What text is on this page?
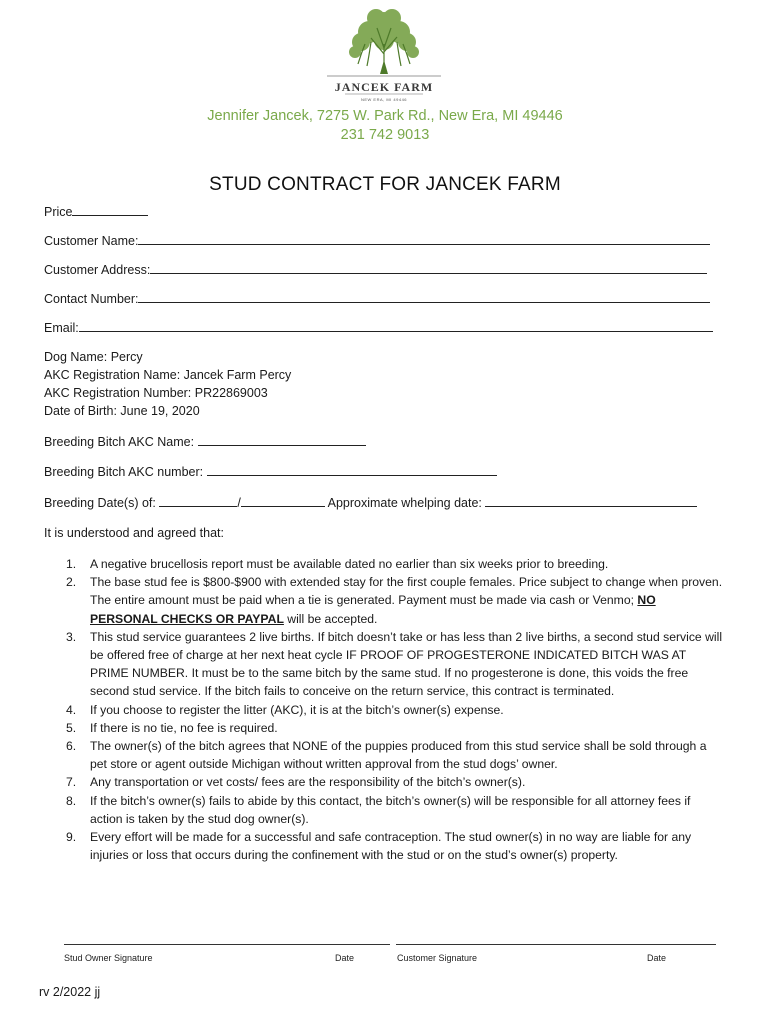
JANCEK FARM
NEW ERA, MI 49446
Jennifer Jancek, 7275 W. Park Rd., New Era, MI 49446
231 742 9013
STUD CONTRACT FOR JANCEK FARM
Price
Customer Name:
Customer Address:
Contact Number:
Email:
Dog Name: Percy
AKC Registration Name: Jancek Farm Percy
AKC Registration Number: PR22869003
Date of Birth: June 19, 2020
Breeding Bitch AKC Name:
Breeding Bitch AKC number:
Breeding Date(s) of:	/	Approximate whelping date:
It is understood and agreed that:
1. A negative brucellosis report must be available dated no earlier than six weeks prior to breeding.
2. The base stud fee is $800-$900 with extended stay for the first couple females. Price subject to change when proven. The entire amount must be paid when a tie is generated. Payment must be made via cash or Venmo; NO PERSONAL CHECKS OR PAYPAL will be accepted.
3. This stud service guarantees 2 live births. If bitch doesn’t take or has less than 2 live births, a second stud service will be offered free of charge at her next heat cycle IF PROOF OF PROGESTERONE INDICATED BITCH WAS AT PRIME NUMBER. It must be to the same bitch by the same stud. If no progesterone is done, this voids the free second stud service. If the bitch fails to conceive on the return service, this contract is terminated.
4. If you choose to register the litter (AKC), it is at the bitch’s owner(s) expense.
5. If there is no tie, no fee is required.
6. The owner(s) of the bitch agrees that NONE of the puppies produced from this stud service shall be sold through a pet store or agent outside Michigan without written approval from the stud dogs’ owner.
7. Any transportation or vet costs/ fees are the responsibility of the bitch’s owner(s).
8. If the bitch’s owner(s) fails to abide by this contact, the bitch’s owner(s) will be responsible for all attorney fees if action is taken by the stud dog owner(s).
9. Every effort will be made for a successful and safe contraception. The stud owner(s) in no way are liable for any injuries or loss that occurs during the confinement with the stud or on the stud’s owner(s) property.
Stud Owner Signature	Date	Customer Signature	Date
rv 2/2022 jj
